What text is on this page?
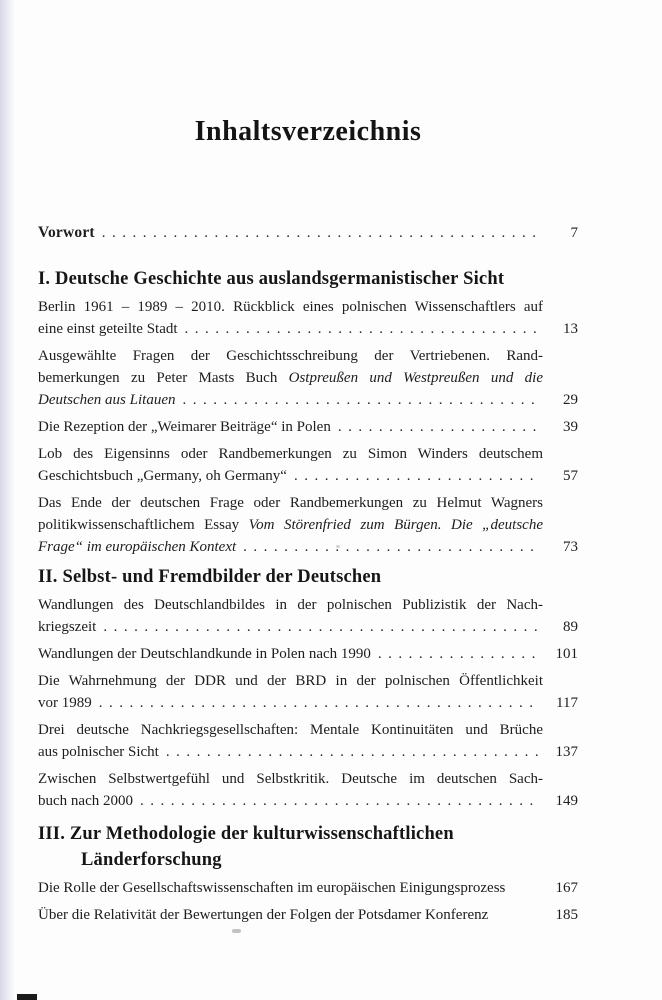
Inhaltsverzeichnis
Vorwort .....	7
I. Deutsche Geschichte aus auslandsgermanistischer Sicht
Berlin 1961 – 1989 – 2010. Rückblick eines polnischen Wissenschaftlers auf
eine einst geteilte Stadt .....	13
Ausgewählte Fragen der Geschichtsschreibung der Vertriebenen. Rand-
bemerkungen zu Peter Masts Buch Ostpreußen und Westpreußen und die
Deutschen aus Litauen .....	29
Die Rezeption der „Weimarer Beiträge“ in Polen .....	39
Lob des Eigensinns oder Randbemerkungen zu Simon Winders deutschem
Geschichtsbuch „Germany, oh Germany“ .....	57
Das Ende der deutschen Frage oder Randbemerkungen zu Helmut Wagners
politikwissenschaftlichem Essay Vom Störenfried zum Bürgen. Die „deutsche
Frage“ im europäischen Kontext .....	73
II. Selbst- und Fremdbilder der Deutschen
Wandlungen des Deutschlandbildes in der polnischen Publizistik der Nach-
kriegszeit .....	89
Wandlungen der Deutschlandkunde in Polen nach 1990 .....	101
Die Wahrnehmung der DDR und der BRD in der polnischen Öffentlichkeit
vor 1989 .....	117
Drei deutsche Nachkriegsgesellschaften: Mentale Kontinuitäten und Brüche
aus polnischer Sicht .....	137
Zwischen Selbstwertgefühl und Selbstkritik. Deutsche im deutschen Sach-
buch nach 2000 .....	149
III. Zur Methodologie der kulturwissenschaftlichen
Länderforschung
Die Rolle der Gesellschaftswissenschaften im europäischen Einigungsprozess	167
Über die Relativität der Bewertungen der Folgen der Potsdamer Konferenz	185
